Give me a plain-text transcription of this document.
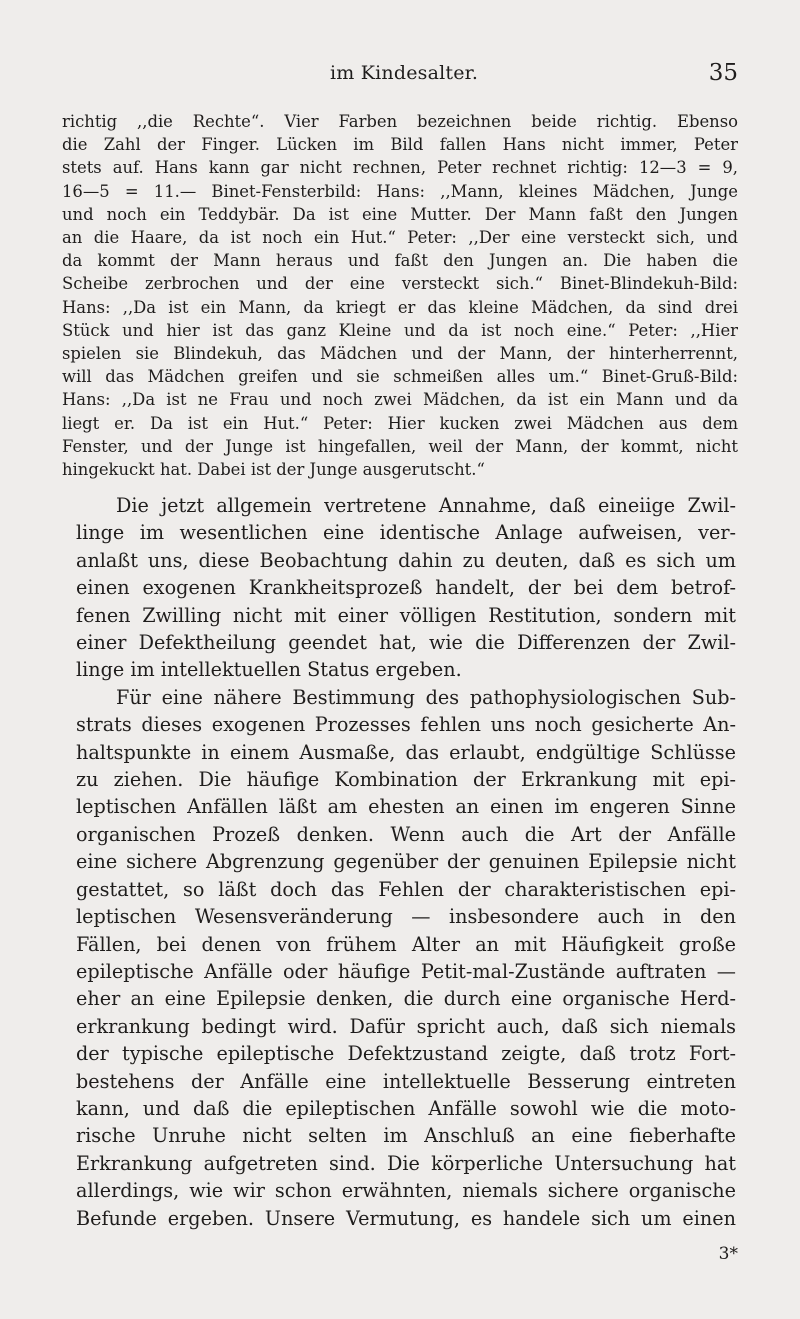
im Kindesalter.	35
richtig ,,die Rechte“. Vier Farben bezeichnen beide richtig. Ebenso
die Zahl der Finger. Lücken im Bild fallen Hans nicht immer, Peter
stets auf. Hans kann gar nicht rechnen, Peter rechnet richtig: 12—3 = 9,
16—5 = 11.— Binet-Fensterbild: Hans: ,,Mann, kleines Mädchen, Junge
und noch ein Teddybär. Da ist eine Mutter. Der Mann faßt den Jungen
an die Haare, da ist noch ein Hut.“ Peter: ,,Der eine versteckt sich, und
da kommt der Mann heraus und faßt den Jungen an. Die haben die
Scheibe zerbrochen und der eine versteckt sich.“ Binet-Blindekuh-Bild:
Hans: ,,Da ist ein Mann, da kriegt er das kleine Mädchen, da sind drei
Stück und hier ist das ganz Kleine und da ist noch eine.“ Peter: ,,Hier
spielen sie Blindekuh, das Mädchen und der Mann, der hinterherrennt,
will das Mädchen greifen und sie schmeißen alles um.“ Binet-Gruß-Bild:
Hans: ,,Da ist ne Frau und noch zwei Mädchen, da ist ein Mann und da
liegt er. Da ist ein Hut.“ Peter: Hier kucken zwei Mädchen aus dem
Fenster, und der Junge ist hingefallen, weil der Mann, der kommt, nicht
hingekuckt hat. Dabei ist der Junge ausgerutscht.“
Die jetzt allgemein vertretene Annahme, daß eineiige Zwil-
linge im wesentlichen eine identische Anlage aufweisen, ver-
anlaßt uns, diese Beobachtung dahin zu deuten, daß es sich um
einen exogenen Krankheitsprozeß handelt, der bei dem betrof-
fenen Zwilling nicht mit einer völligen Restitution, sondern mit
einer Defektheilung geendet hat, wie die Differenzen der Zwil-
linge im intellektuellen Status ergeben.
Für eine nähere Bestimmung des pathophysiologischen Sub-
strats dieses exogenen Prozesses fehlen uns noch gesicherte An-
haltspunkte in einem Ausmaße, das erlaubt, endgültige Schlüsse
zu ziehen. Die häufige Kombination der Erkrankung mit epi-
leptischen Anfällen läßt am ehesten an einen im engeren Sinne
organischen Prozeß denken. Wenn auch die Art der Anfälle
eine sichere Abgrenzung gegenüber der genuinen Epilepsie nicht
gestattet, so läßt doch das Fehlen der charakteristischen epi-
leptischen Wesensveränderung — insbesondere auch in den
Fällen, bei denen von frühem Alter an mit Häufigkeit große
epileptische Anfälle oder häufige Petit-mal-Zustände auftraten —
eher an eine Epilepsie denken, die durch eine organische Herd-
erkrankung bedingt wird. Dafür spricht auch, daß sich niemals
der typische epileptische Defektzustand zeigte, daß trotz Fort-
bestehens der Anfälle eine intellektuelle Besserung eintreten
kann, und daß die epileptischen Anfälle sowohl wie die moto-
rische Unruhe nicht selten im Anschluß an eine fieberhafte
Erkrankung aufgetreten sind. Die körperliche Untersuchung hat
allerdings, wie wir schon erwähnten, niemals sichere organische
Befunde ergeben. Unsere Vermutung, es handele sich um einen
3*
